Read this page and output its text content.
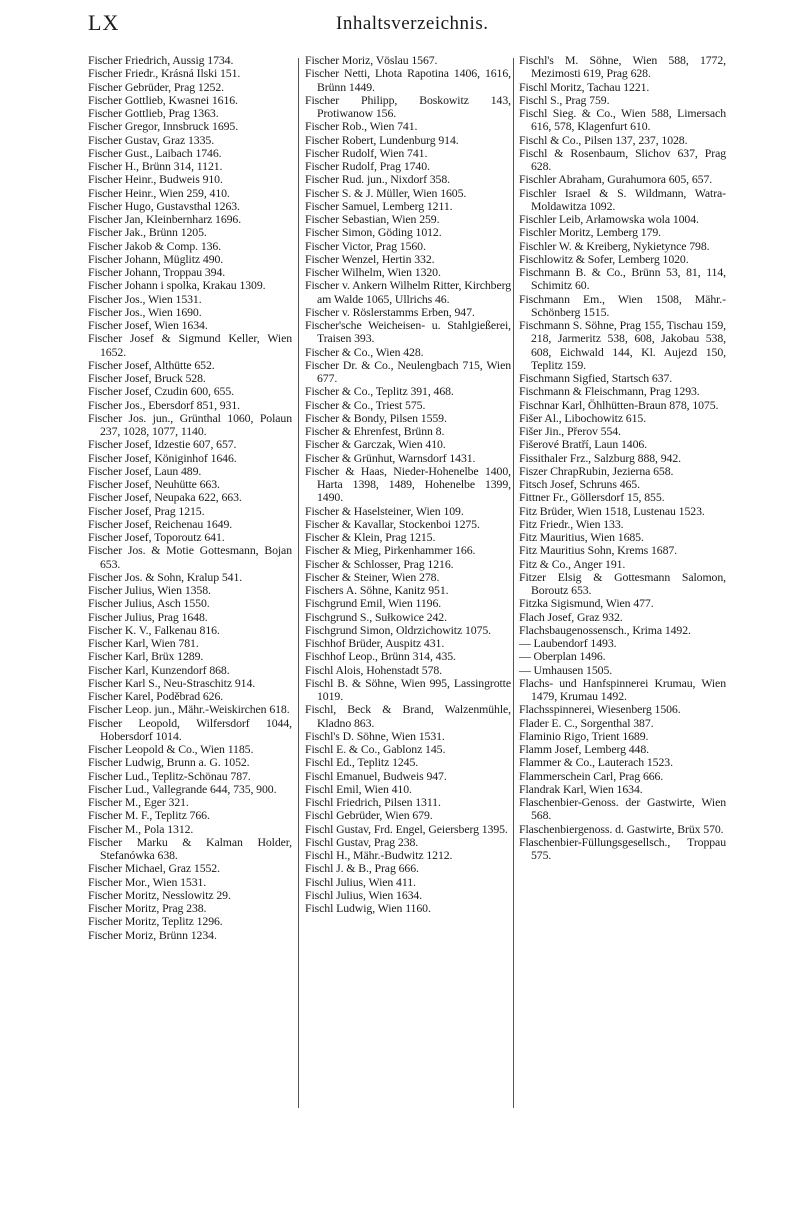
LX	Inhaltsverzeichnis.
Fischer Friedrich, Aussig 1734.
Fischer Friedr., Krásná Ilski 151.
Fischer Gebrüder, Prag 1252.
Fischer Gottlieb, Kwasnei 1616.
Fischer Gottlieb, Prag 1363.
Fischer Gregor, Innsbruck 1695.
Fischer Gustav, Graz 1335.
Fischer Gust., Laibach 1746.
Fischer H., Brünn 314, 1121.
Fischer Heinr., Budweis 910.
Fischer Heinr., Wien 259, 410.
Fischer Hugo, Gustavsthal 1263.
Fischer Jan, Kleinbernharz 1696.
Fischer Jak., Brünn 1205.
Fischer Jakob & Comp. 136.
Fischer Johann, Müglitz 490.
Fischer Johann, Troppau 394.
Fischer Johann i spolka, Krakau 1309.
Fischer Jos., Wien 1531.
Fischer Jos., Wien 1690.
Fischer Josef, Wien 1634.
Fischer Josef & Sigmund Keller, Wien 1652.
Fischer Josef, Althütte 652.
Fischer Josef, Bruck 528.
Fischer Josef, Czudin 600, 655.
Fischer Jos., Ebersdorf 851, 931.
Fischer Jos. jun., Grünthal 1060, Polaun 237, 1028, 1077, 1140.
Fischer Josef, Idzestie 607, 657.
Fischer Josef, Königinhof 1646.
Fischer Josef, Laun 489.
Fischer Josef, Neuhütte 663.
Fischer Josef, Neupaka 622, 663.
Fischer Josef, Prag 1215.
Fischer Josef, Reichenau 1649.
Fischer Josef, Toporoutz 641.
Fischer Jos. & Motie Gottesmann, Bojan 653.
Fischer Jos. & Sohn, Kralup 541.
Fischer Julius, Wien 1358.
Fischer Julius, Asch 1550.
Fischer Julius, Prag 1648.
Fischer K. V., Falkenau 816.
Fischer Karl, Wien 781.
Fischer Karl, Brüx 1289.
Fischer Karl, Kunzendorf 868.
Fischer Karl S., Neu-Straschitz 914.
Fischer Karel, Poděbrad 626.
Fischer Leop. jun., Mähr.-Weiskirchen 618.
Fischer Leopold, Wilfersdorf 1044, Hobersdorf 1014.
Fischer Leopold & Co., Wien 1185.
Fischer Ludwig, Brunn a. G. 1052.
Fischer Lud., Teplitz-Schönau 787.
Fischer Lud., Vallegrande 644, 735, 900.
Fischer M., Eger 321.
Fischer M. F., Teplitz 766.
Fischer M., Pola 1312.
Fischer Marku & Kalman Holder, Stefanówka 638.
Fischer Michael, Graz 1552.
Fischer Mor., Wien 1531.
Fischer Moritz, Nesslowitz 29.
Fischer Moritz, Prag 238.
Fischer Moritz, Teplitz 1296.
Fischer Moriz, Brünn 1234.
Fischer Moriz, Vöslau 1567.
Fischer Netti, Lhota Rapotina 1406, 1616, Brünn 1449.
Fischer Philipp, Boskowitz 143, Protiwanow 156.
Fischer Rob., Wien 741.
Fischer Robert, Lundenburg 914.
Fischer Rudolf, Wien 741.
Fischer Rudolf, Prag 1740.
Fischer Rud. jun., Nixdorf 358.
Fischer S. & J. Müller, Wien 1605.
Fischer Samuel, Lemberg 1211.
Fischer Sebastian, Wien 259.
Fischer Simon, Göding 1012.
Fischer Victor, Prag 1560.
Fischer Wenzel, Hertin 332.
Fischer Wilhelm, Wien 1320.
Fischer v. Ankern Wilhelm Ritter, Kirchberg am Walde 1065, Ullrichs 46.
Fischer v. Röslerstamms Erben, 947.
Fischer'sche Weicheisen- u. Stahlgießerei, Traisen 393.
Fischer & Co., Wien 428.
Fischer Dr. & Co., Neulengbach 715, Wien 677.
Fischer & Co., Teplitz 391, 468.
Fischer & Co., Triest 575.
Fischer & Bondy, Pilsen 1559.
Fischer & Ehrenfest, Brünn 8.
Fischer & Garczak, Wien 410.
Fischer & Grünhut, Warnsdorf 1431.
Fischer & Haas, Nieder-Hohenelbe 1400, Harta 1398, 1489, Hohenelbe 1399, 1490.
Fischer & Haselsteiner, Wien 109.
Fischer & Kavallar, Stockenboi 1275.
Fischer & Klein, Prag 1215.
Fischer & Mieg, Pirkenhammer 166.
Fischer & Schlosser, Prag 1216.
Fischer & Steiner, Wien 278.
Fischers A. Söhne, Kanitz 951.
Fischgrund Emil, Wien 1196.
Fischgrund S., Sułkowice 242.
Fischgrund Simon, Oldrzichowitz 1075.
Fischhof Brüder, Auspitz 431.
Fischhof Leop., Brünn 314, 435.
Fischl Alois, Hohenstadt 578.
Fischl B. & Söhne, Wien 995, Lassingrotte 1019.
Fischl, Beck & Brand, Walzenmühle, Kladno 863.
Fischl's D. Söhne, Wien 1531.
Fischl E. & Co., Gablonz 145.
Fischl Ed., Teplitz 1245.
Fischl Emanuel, Budweis 947.
Fischl Emil, Wien 410.
Fischl Friedrich, Pilsen 1311.
Fischl Gebrüder, Wien 679.
Fischl Gustav, Frd. Engel, Geiersberg 1395.
Fischl Gustav, Prag 238.
Fischl H., Mähr.-Budwitz 1212.
Fischl J. & B., Prag 666.
Fischl Julius, Wien 411.
Fischl Julius, Wien 1634.
Fischl Ludwig, Wien 1160.
Fischl's M. Söhne, Wien 588, 1772, Mezimosti 619, Prag 628.
Fischl Moritz, Tachau 1221.
Fischl S., Prag 759.
Fischl Sieg. & Co., Wien 588, Limersach 616, 578, Klagenfurt 610.
Fischl & Co., Pilsen 137, 237, 1028.
Fischl & Rosenbaum, Slichov 637, Prag 628.
Fischler Abraham, Gurahumora 605, 657.
Fischler Israel & S. Wildmann, Watra-Moldawitza 1092.
Fischler Leib, Arłamowska wola 1004.
Fischler Moritz, Lemberg 179.
Fischler W. & Kreiberg, Nykietynce 798.
Fischlowitz & Sofer, Lemberg 1020.
Fischmann B. & Co., Brünn 53, 81, 114, Schimitz 60.
Fischmann Em., Wien 1508, Mähr.-Schönberg 1515.
Fischmann S. Söhne, Prag 155, Tischau 159, 218, Jarmeritz 538, 608, Jakobau 538, 608, Eichwald 144, Kl. Aujezd 150, Teplitz 159.
Fischmann Sigfied, Startsch 637.
Fischmann & Fleischmann, Prag 1293.
Fischnar Karl, Öhlhütten-Braun 878, 1075.
Fišer Al., Libochowitz 615.
Fišer Jin., Přerov 554.
Fišerové Bratří, Laun 1406.
Fissithaler Frz., Salzburg 888, 942.
Fiszer ChrapRubin, Jezierna 658.
Fitsch Josef, Schruns 465.
Fittner Fr., Göllersdorf 15, 855.
Fitz Brüder, Wien 1518, Lustenau 1523.
Fitz Friedr., Wien 133.
Fitz Mauritius, Wien 1685.
Fitz Mauritius Sohn, Krems 1687.
Fitz & Co., Anger 191.
Fitzer Elsig & Gottesmann Salomon, Boroutz 653.
Fitzka Sigismund, Wien 477.
Flach Josef, Graz 932.
Flachsbaugenossensch., Krima 1492.
— Laubendorf 1493.
— Oberplan 1496.
— Umhausen 1505.
Flachs- und Hanfspinnerei Krumau, Wien 1479, Krumau 1492.
Flachsspinnerei, Wiesenberg 1506.
Flader E. C., Sorgenthal 387.
Flaminio Rigo, Trient 1689.
Flamm Josef, Lemberg 448.
Flammer & Co., Lauterach 1523.
Flammerschein Carl, Prag 666.
Flandrak Karl, Wien 1634.
Flaschenbier-Genoss. der Gastwirte, Wien 568.
Flaschenbiergenoss. d. Gastwirte, Brüx 570.
Flaschenbier-Füllungsgesellsch., Troppau 575.
